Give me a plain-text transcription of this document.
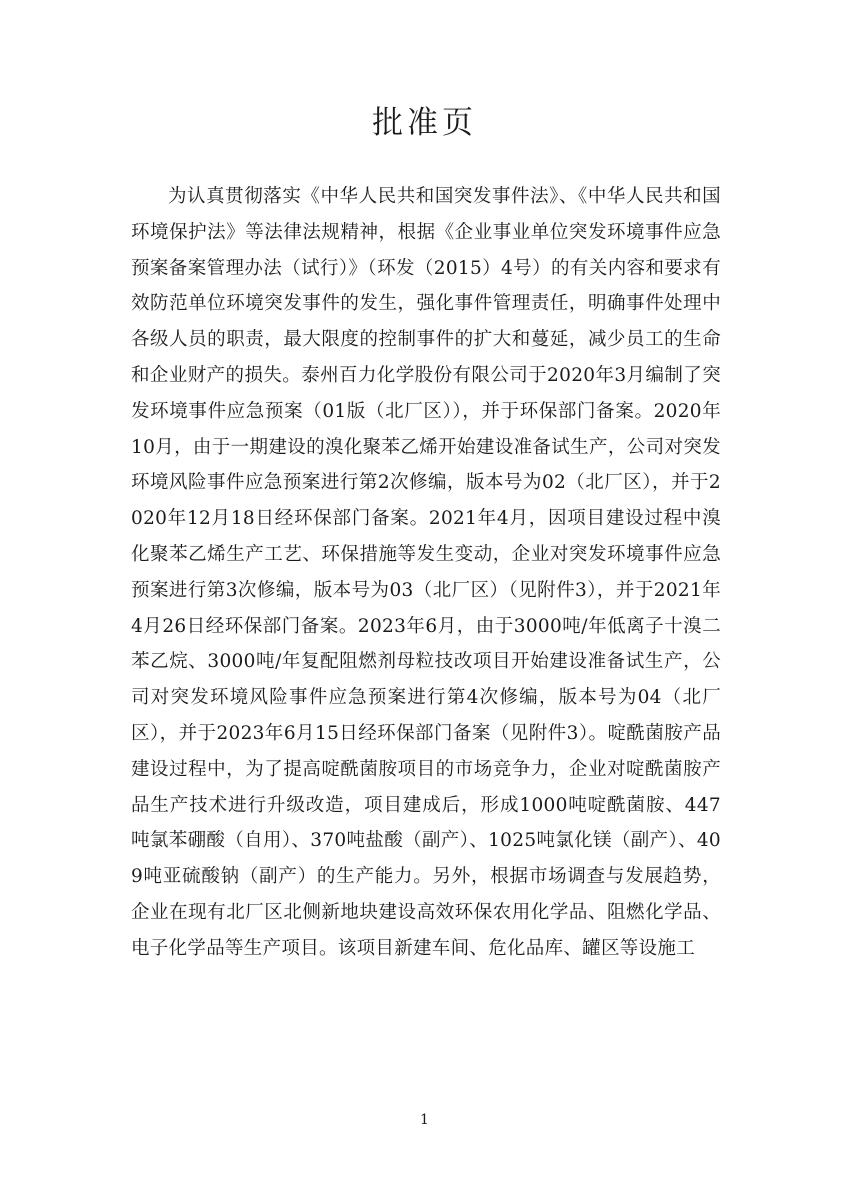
批准页

为认真贯彻落实《中华人民共和国突发事件法》、《中华人民共和国环境保护法》等法律法规精神，根据《企业事业单位突发环境事件应急预案备案管理办法（试行）》（环发（2015）4号）的有关内容和要求有效防范单位环境突发事件的发生，强化事件管理责任，明确事件处理中各级人员的职责，最大限度的控制事件的扩大和蔓延，减少员工的生命和企业财产的损失。泰州百力化学股份有限公司于2020年3月编制了突发环境事件应急预案（01版（北厂区）），并于环保部门备案。2020年10月，由于一期建设的溴化聚苯乙烯开始建设准备试生产，公司对突发环境风险事件应急预案进行第2次修编，版本号为02（北厂区），并于2020年12月18日经环保部门备案。2021年4月，因项目建设过程中溴化聚苯乙烯生产工艺、环保措施等发生变动，企业对突发环境事件应急预案进行第3次修编，版本号为03（北厂区）（见附件3），并于2021年4月26日经环保部门备案。2023年6月，由于3000吨/年低离子十溴二苯乙烷、3000吨/年复配阻燃剂母粒技改项目开始建设准备试生产，公司对突发环境风险事件应急预案进行第4次修编，版本号为04（北厂区），并于2023年6月15日经环保部门备案（见附件3）。啶酰菌胺产品建设过程中，为了提高啶酰菌胺项目的市场竞争力，企业对啶酰菌胺产品生产技术进行升级改造，项目建成后，形成1000吨啶酰菌胺、447吨氯苯硼酸（自用）、370吨盐酸（副产）、1025吨氯化镁（副产）、409吨亚硫酸钠（副产）的生产能力。另外，根据市场调查与发展趋势，企业在现有北厂区北侧新地块建设高效环保农用化学品、阻燃化学品、电子化学品等生产项目。该项目新建车间、危化品库、罐区等设施工

1
